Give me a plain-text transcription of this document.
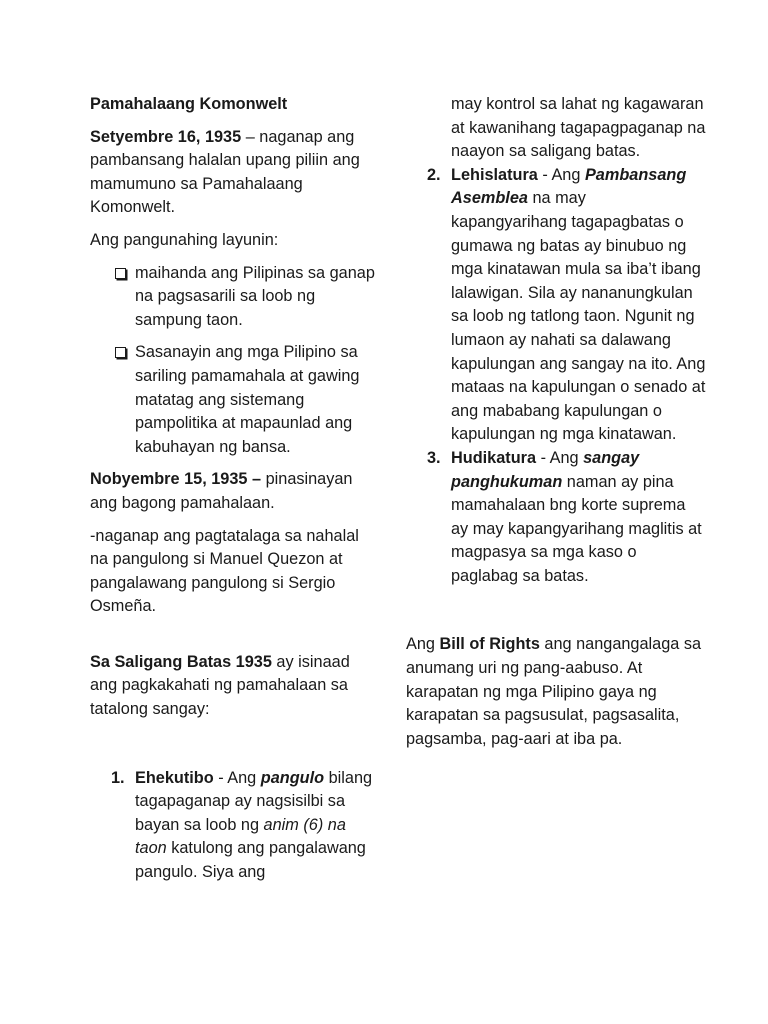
Pamahalaang Komonwelt

Setyembre 16, 1935 – naganap ang pambansang halalan upang piliin ang mamumuno sa Pamahalaang Komonwelt.

Ang pangunahing layunin:

maihanda ang Pilipinas sa ganap na pagsasarili sa loob ng sampung taon.
Sasanayin ang mga Pilipino sa sariling pamamahala at gawing matatag ang sistemang pampolitika at mapaunlad ang kabuhayan ng bansa.

Nobyembre 15, 1935 – pinasinayan ang bagong pamahalaan.

-naganap ang pagtatalaga sa nahalal na pangulong si Manuel Quezon at pangalawang pangulong si Sergio Osmeña.

Sa Saligang Batas 1935 ay isinaad ang pagkakahati ng pamahalaan sa tatalong sangay:

1. Ehekutibo - Ang pangulo bilang tagapaganap ay nagsisilbi sa bayan sa loob ng anim (6) na taon katulong ang pangalawang pangulo. Siya ang

may kontrol sa lahat ng kagawaran at kawanihang tagapagpaganap na naayon sa saligang batas.

2. Lehislatura - Ang Pambansang Asemblea na may kapangyarihang tagapagbatas o gumawa ng batas ay binubuo ng mga kinatawan mula sa iba’t ibang lalawigan. Sila ay nananungkulan sa loob ng tatlong taon. Ngunit ng lumaon ay nahati sa dalawang kapulungan ang sangay na ito. Ang mataas na kapulungan o senado at ang mababang kapulungan o kapulungan ng mga kinatawan.
3. Hudikatura - Ang sangay panghukuman naman ay pina mamahalaan bng korte suprema ay may kapangyarihang maglitis at magpasya sa mga kaso o paglabag sa batas.

Ang Bill of Rights ang nangangalaga sa anumang uri ng pang-aabuso. At karapatan ng mga Pilipino gaya ng karapatan sa pagsusulat, pagsasalita, pagsamba, pag-aari at iba pa.
